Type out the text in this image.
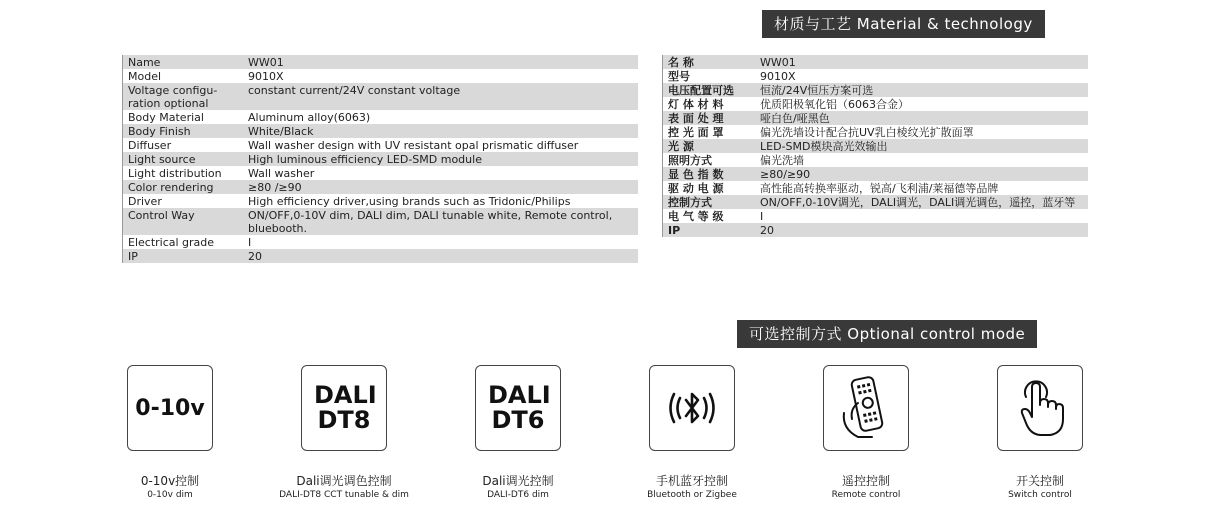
材质与工艺 Material & technology
可选控制方式 Optional control mode
名 称	WW01
型号	9010X
电压配置可选	恒流/24V恒压方案可选
灯 体 材 料	优质阳极氧化铝（6063合金）
表 面 处 理	哑白色/哑黑色
控 光 面 罩	偏光洗墙设计配合抗UV乳白棱纹光扩散面罩
光 源	LED-SMD模块高光效输出
照明方式	偏光洗墙
显 色 指 数	≥80/≥90
驱 动 电 源	高性能高转换率驱动，锐高/飞利浦/莱福德等品牌
控制方式	ON/OFF,0-10V调光，DALI调光，DALI调光调色，遥控，蓝牙等
电 气 等 级	I
IP	20
Name	WW01
Model	9010X
Voltage configu-ration optional	constant current/24V constant voltage
Body Material	Aluminum alloy(6063)
Body Finish	White/Black
Diffuser	Wall washer design with UV resistant opal prismatic diffuser
Light source	High luminous efficiency LED-SMD module
Light distribution	Wall washer
Color rendering	≥80 /≥90
Driver	High efficiency driver,using brands such as Tridonic/Philips
Control Way	ON/OFF,0-10V dim, DALI dim, DALI tunable white, Remote control, bluebooth.
Electrical grade	I
IP	20
0-10v
0-10v控制
0-10v dim
DALI DT8
Dali调光调色控制
DALI-DT8 CCT tunable & dim
DALI DT6
Dali调光控制
DALI-DT6 dim
手机蓝牙控制
Bluetooth or Zigbee
遥控控制
Remote control
开关控制
Switch control
